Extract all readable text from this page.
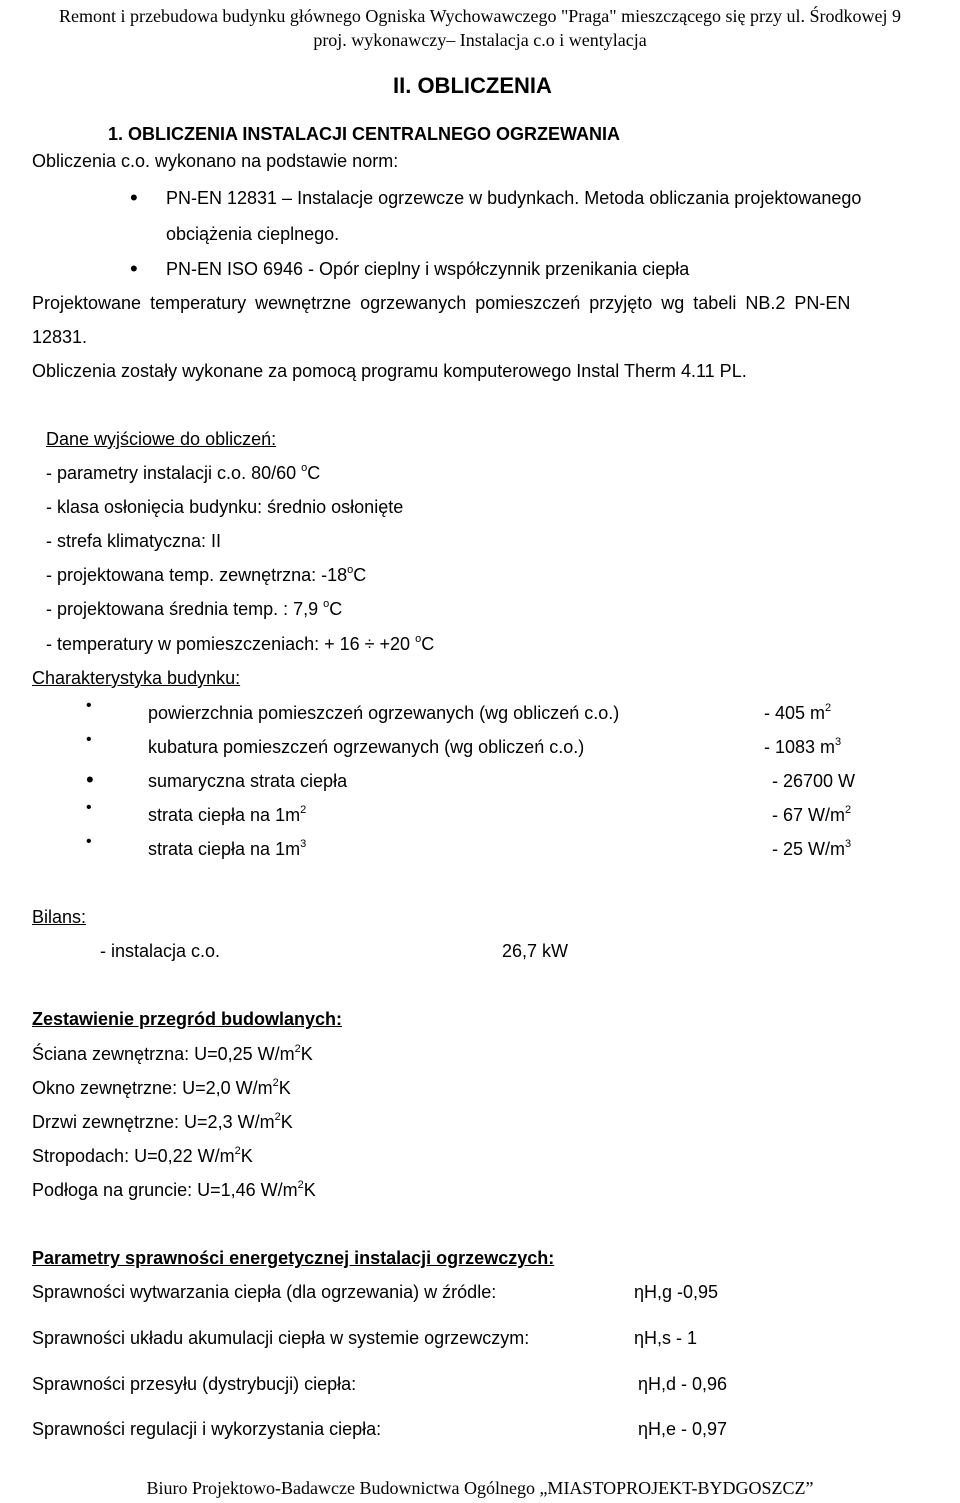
Remont i przebudowa budynku głównego Ogniska Wychowawczego "Praga" mieszczącego się przy ul. Środkowej 9
proj. wykonawczy– Instalacja c.o i wentylacja
II. OBLICZENIA
1. OBLICZENIA INSTALACJI CENTRALNEGO OGRZEWANIA
Obliczenia c.o. wykonano na podstawie norm:
• PN-EN 12831 – Instalacje ogrzewcze w budynkach. Metoda obliczania projektowanego
obciążenia cieplnego.
• PN-EN ISO 6946 - Opór cieplny i współczynnik przenikania ciepła
Projektowane temperatury wewnętrzne ogrzewanych pomieszczeń przyjęto wg tabeli NB.2 PN-EN
12831.
Obliczenia zostały wykonane za pomocą programu komputerowego Instal Therm 4.11 PL.
Dane wyjściowe do obliczeń:
- parametry instalacji c.o. 80/60 $^o$C
- klasa osłonięcia budynku: średnio osłonięte
- strefa klimatyczna: II
- projektowana temp. zewnętrzna: -18$^o$C
- projektowana średnia temp. : 7,9 $^o$C
- temperatury w pomieszczeniach: + 16 ÷ +20 $^o$C
Charakterystyka budynku:
•	powierzchnia pomieszczeń ogrzewanych (wg obliczeń c.o.)	- 405 $m^2$
•	kubatura pomieszczeń ogrzewanych (wg obliczeń c.o.)	- 1083 $m^3$
•	sumaryczna strata ciepła	- 26700 W
•	strata ciepła na $1m^2$	- 67 $W/m^2$
•	strata ciepła na $1m^3$	- 25 $W/m^3$
Bilans:
- instalacja c.o.	26,7 kW
Zestawienie przegród budowlanych:
Ściana zewnętrzna: U=0,25 $W/m^2K$
Okno zewnętrzne: U=2,0 $W/m^2K$
Drzwi zewnętrzne: U=2,3 $W/m^2K$
Stropodach: U=0,22 $W/m^2K$
Podłoga na gruncie: U=1,46 $W/m^2K$
Parametry sprawności energetycznej instalacji ogrzewczych:
Sprawności wytwarzania ciepła (dla ogrzewania) w źródle:	ηH,g -0,95
Sprawności układu akumulacji ciepła w systemie ogrzewczym:	ηH,s - 1
Sprawności przesyłu (dystrybucji) ciepła:	ηH,d - 0,96
Sprawności regulacji i wykorzystania ciepła:	ηH,e - 0,97
Biuro Projektowo-Badawcze Budownictwa Ogólnego „MIASTOPROJEKT-BYDGOSZCZ”
